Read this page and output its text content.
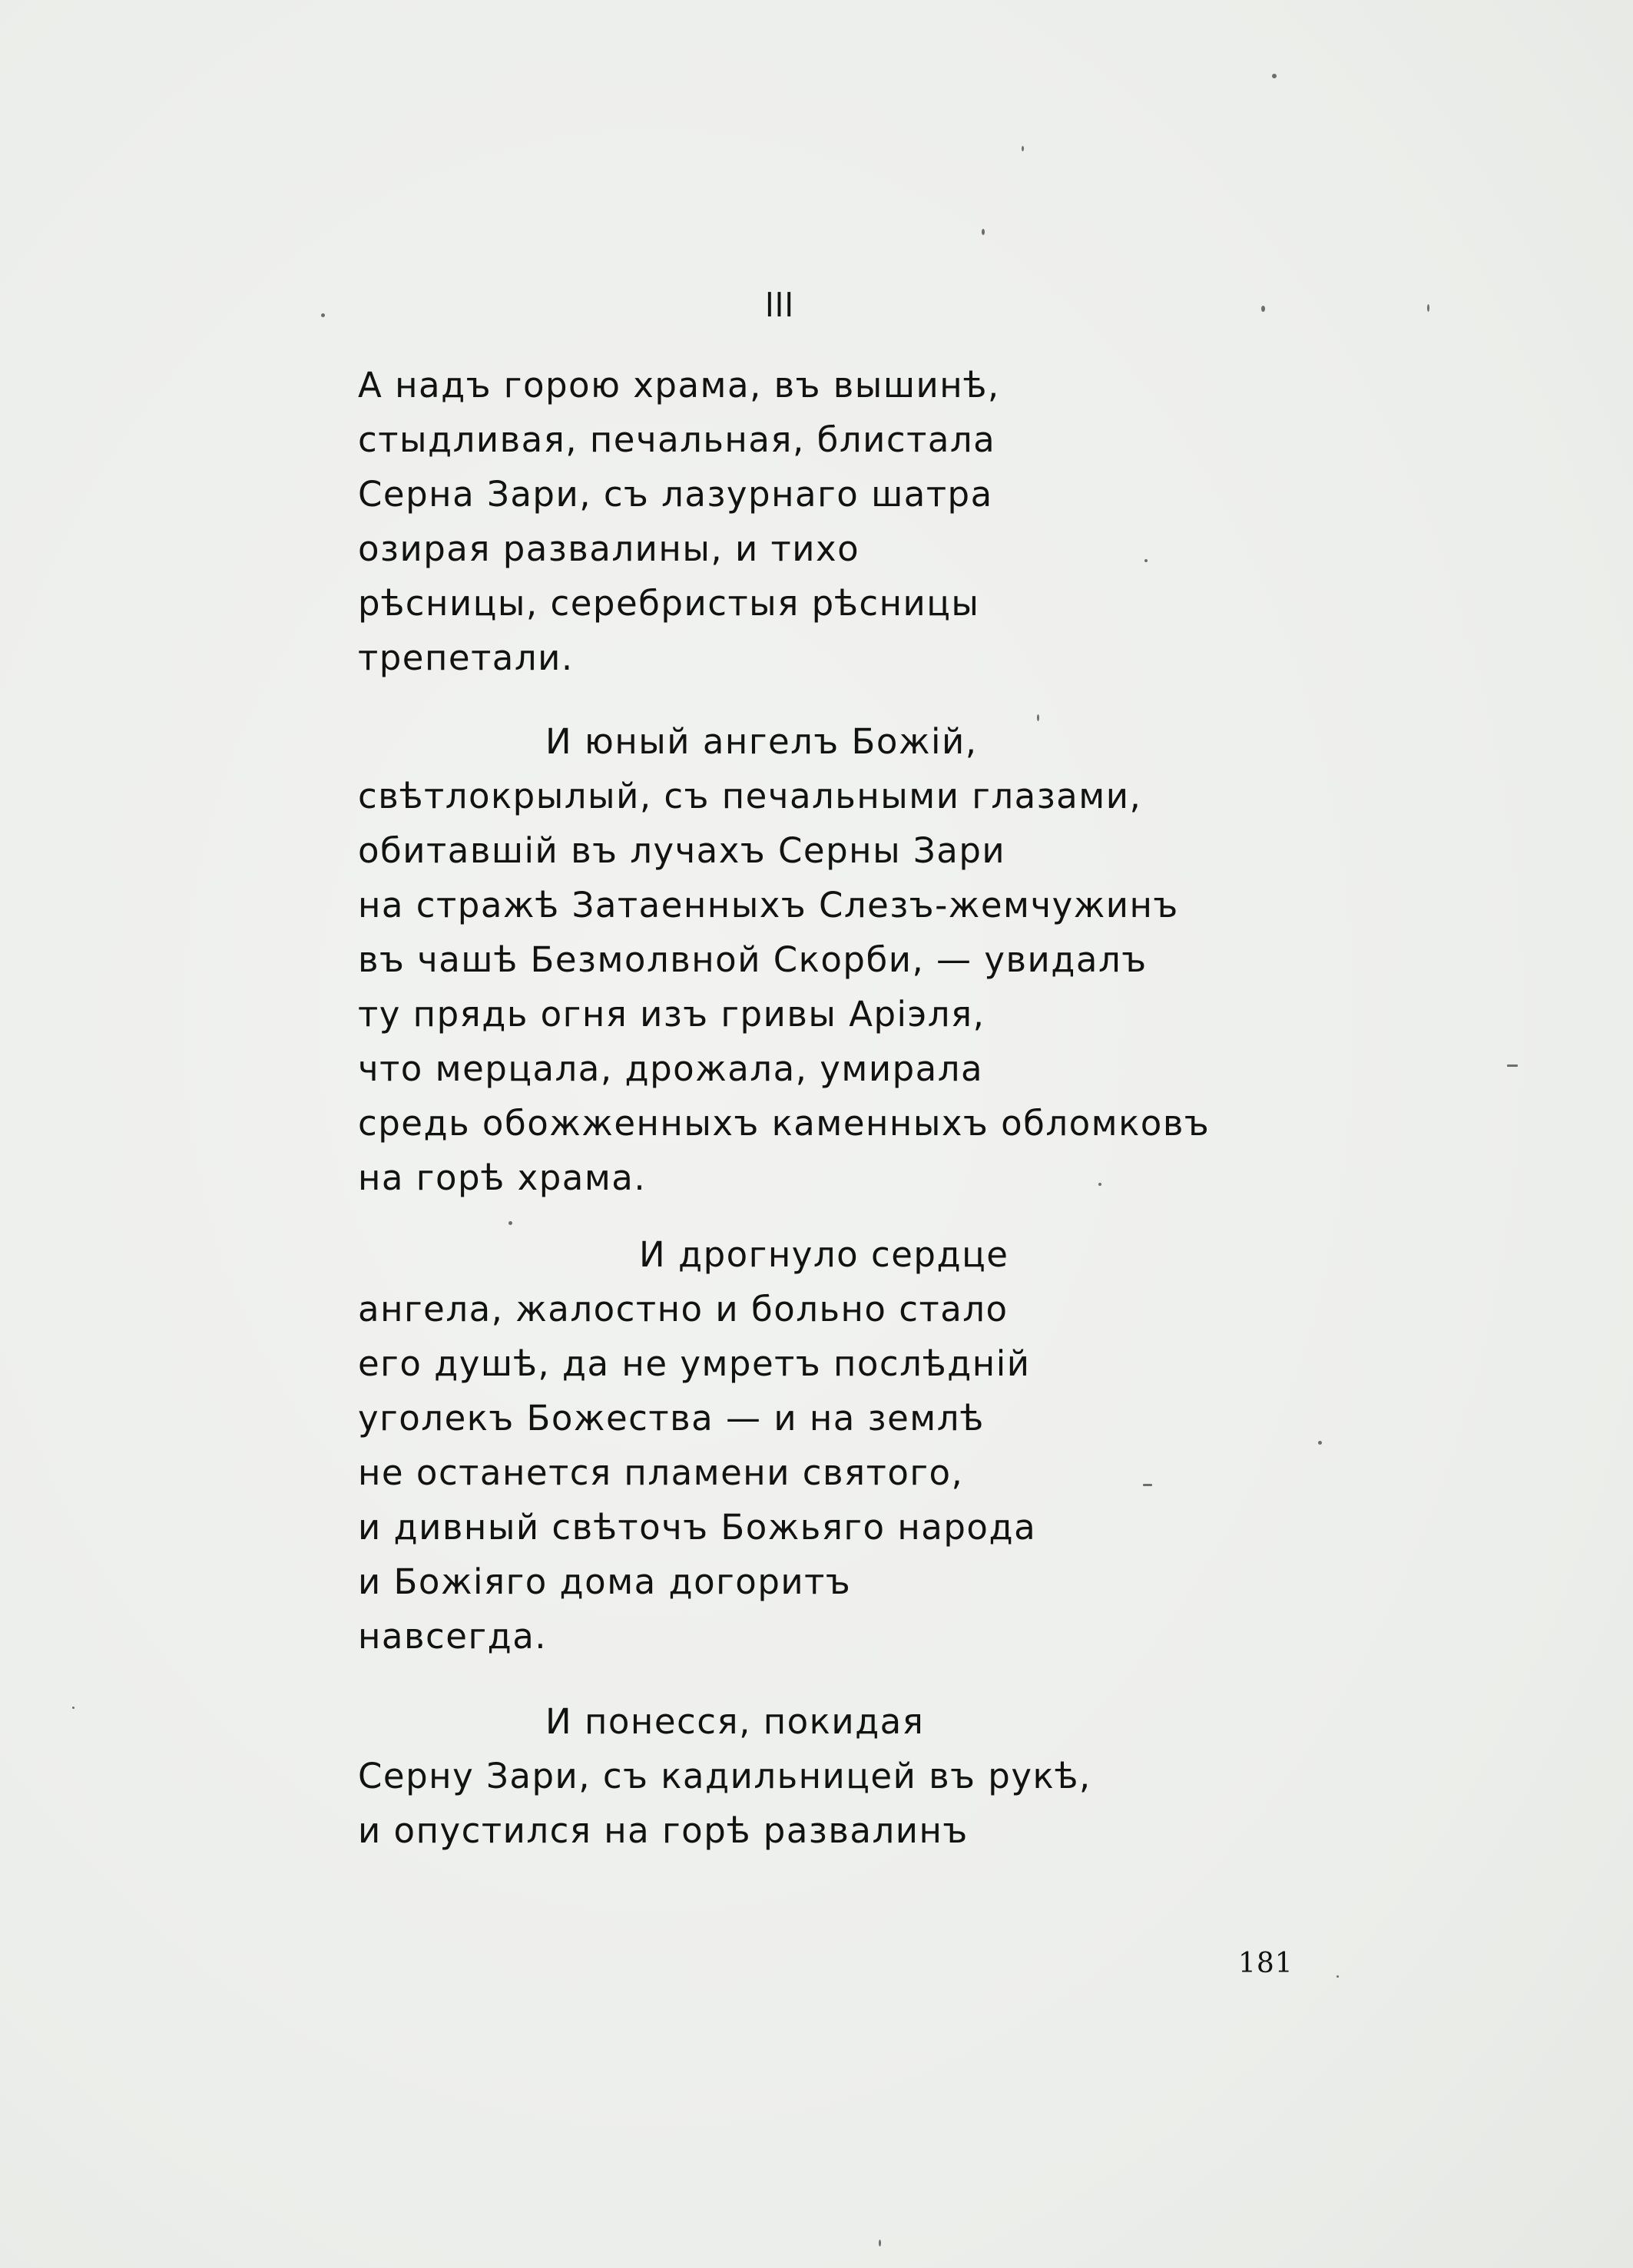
III
А надъ горою храма, въ вышинѣ,
стыдливая, печальная, блистала
Серна Зари, съ лазурнаго шатра
озирая развалины, и тихо
рѣсницы, серебристыя рѣсницы
трепетали.
И юный ангелъ Божій,
свѣтлокрылый, съ печальными глазами,
обитавшій въ лучахъ Серны Зари
на стражѣ Затаенныхъ Слезъ-жемчужинъ
въ чашѣ Безмолвной Скорби, — увидалъ
ту прядь огня изъ гривы Аріэля,
что мерцала, дрожала, умирала
средь обожженныхъ каменныхъ обломковъ
на горѣ храма.
И дрогнуло сердце
ангела, жалостно и больно стало
его душѣ, да не умретъ послѣдній
уголекъ Божества — и на землѣ
не останется пламени святого,
и дивный свѣточъ Божьяго народа
и Божіяго дома догоритъ
навсегда.
И понесся, покидая
Серну Зари, съ кадильницей въ рукѣ,
и опустился на горѣ развалинъ
181
